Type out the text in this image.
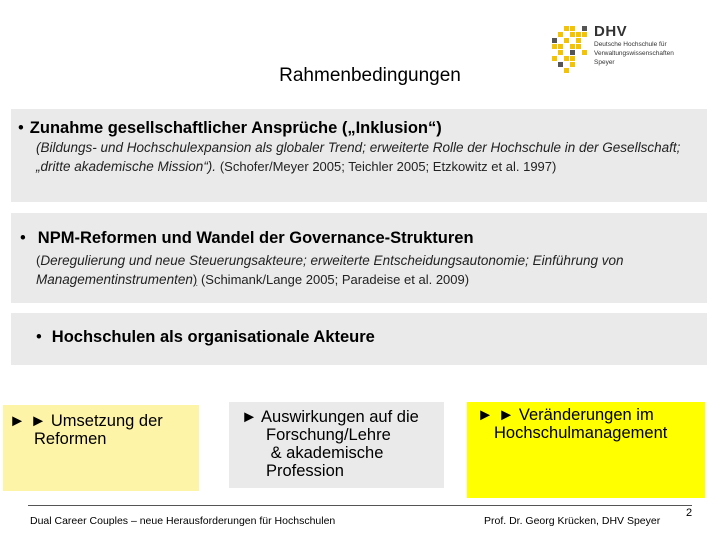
DHV
Deutsche Hochschule für
Verwaltungswissenschaften
Speyer
Rahmenbedingungen
• Zunahme gesellschaftlicher Ansprüche („Inklusion“)
(Bildungs- und Hochschulexpansion als globaler Trend; erweiterte Rolle der Hochschule in der Gesellschaft; „dritte akademische Mission“). (Schofer/Meyer 2005; Teichler 2005; Etzkowitz et al. 1997)
• NPM-Reformen und Wandel der Governance-Strukturen
(Deregulierung und neue Steuerungsakteure; erweiterte Entscheidungsautonomie; Einführung von Managementinstrumenten) (Schimank/Lange 2005; Paradeise et al. 2009)
• Hochschulen als organisationale Akteure
► ► Umsetzung der
Reformen
► Auswirkungen auf die
Forschung/Lehre
& akademische
Profession
► ► Veränderungen im
Hochschulmanagement
Dual Career Couples – neue Herausforderungen für Hochschulen	Prof. Dr. Georg Krücken, DHV Speyer
2
